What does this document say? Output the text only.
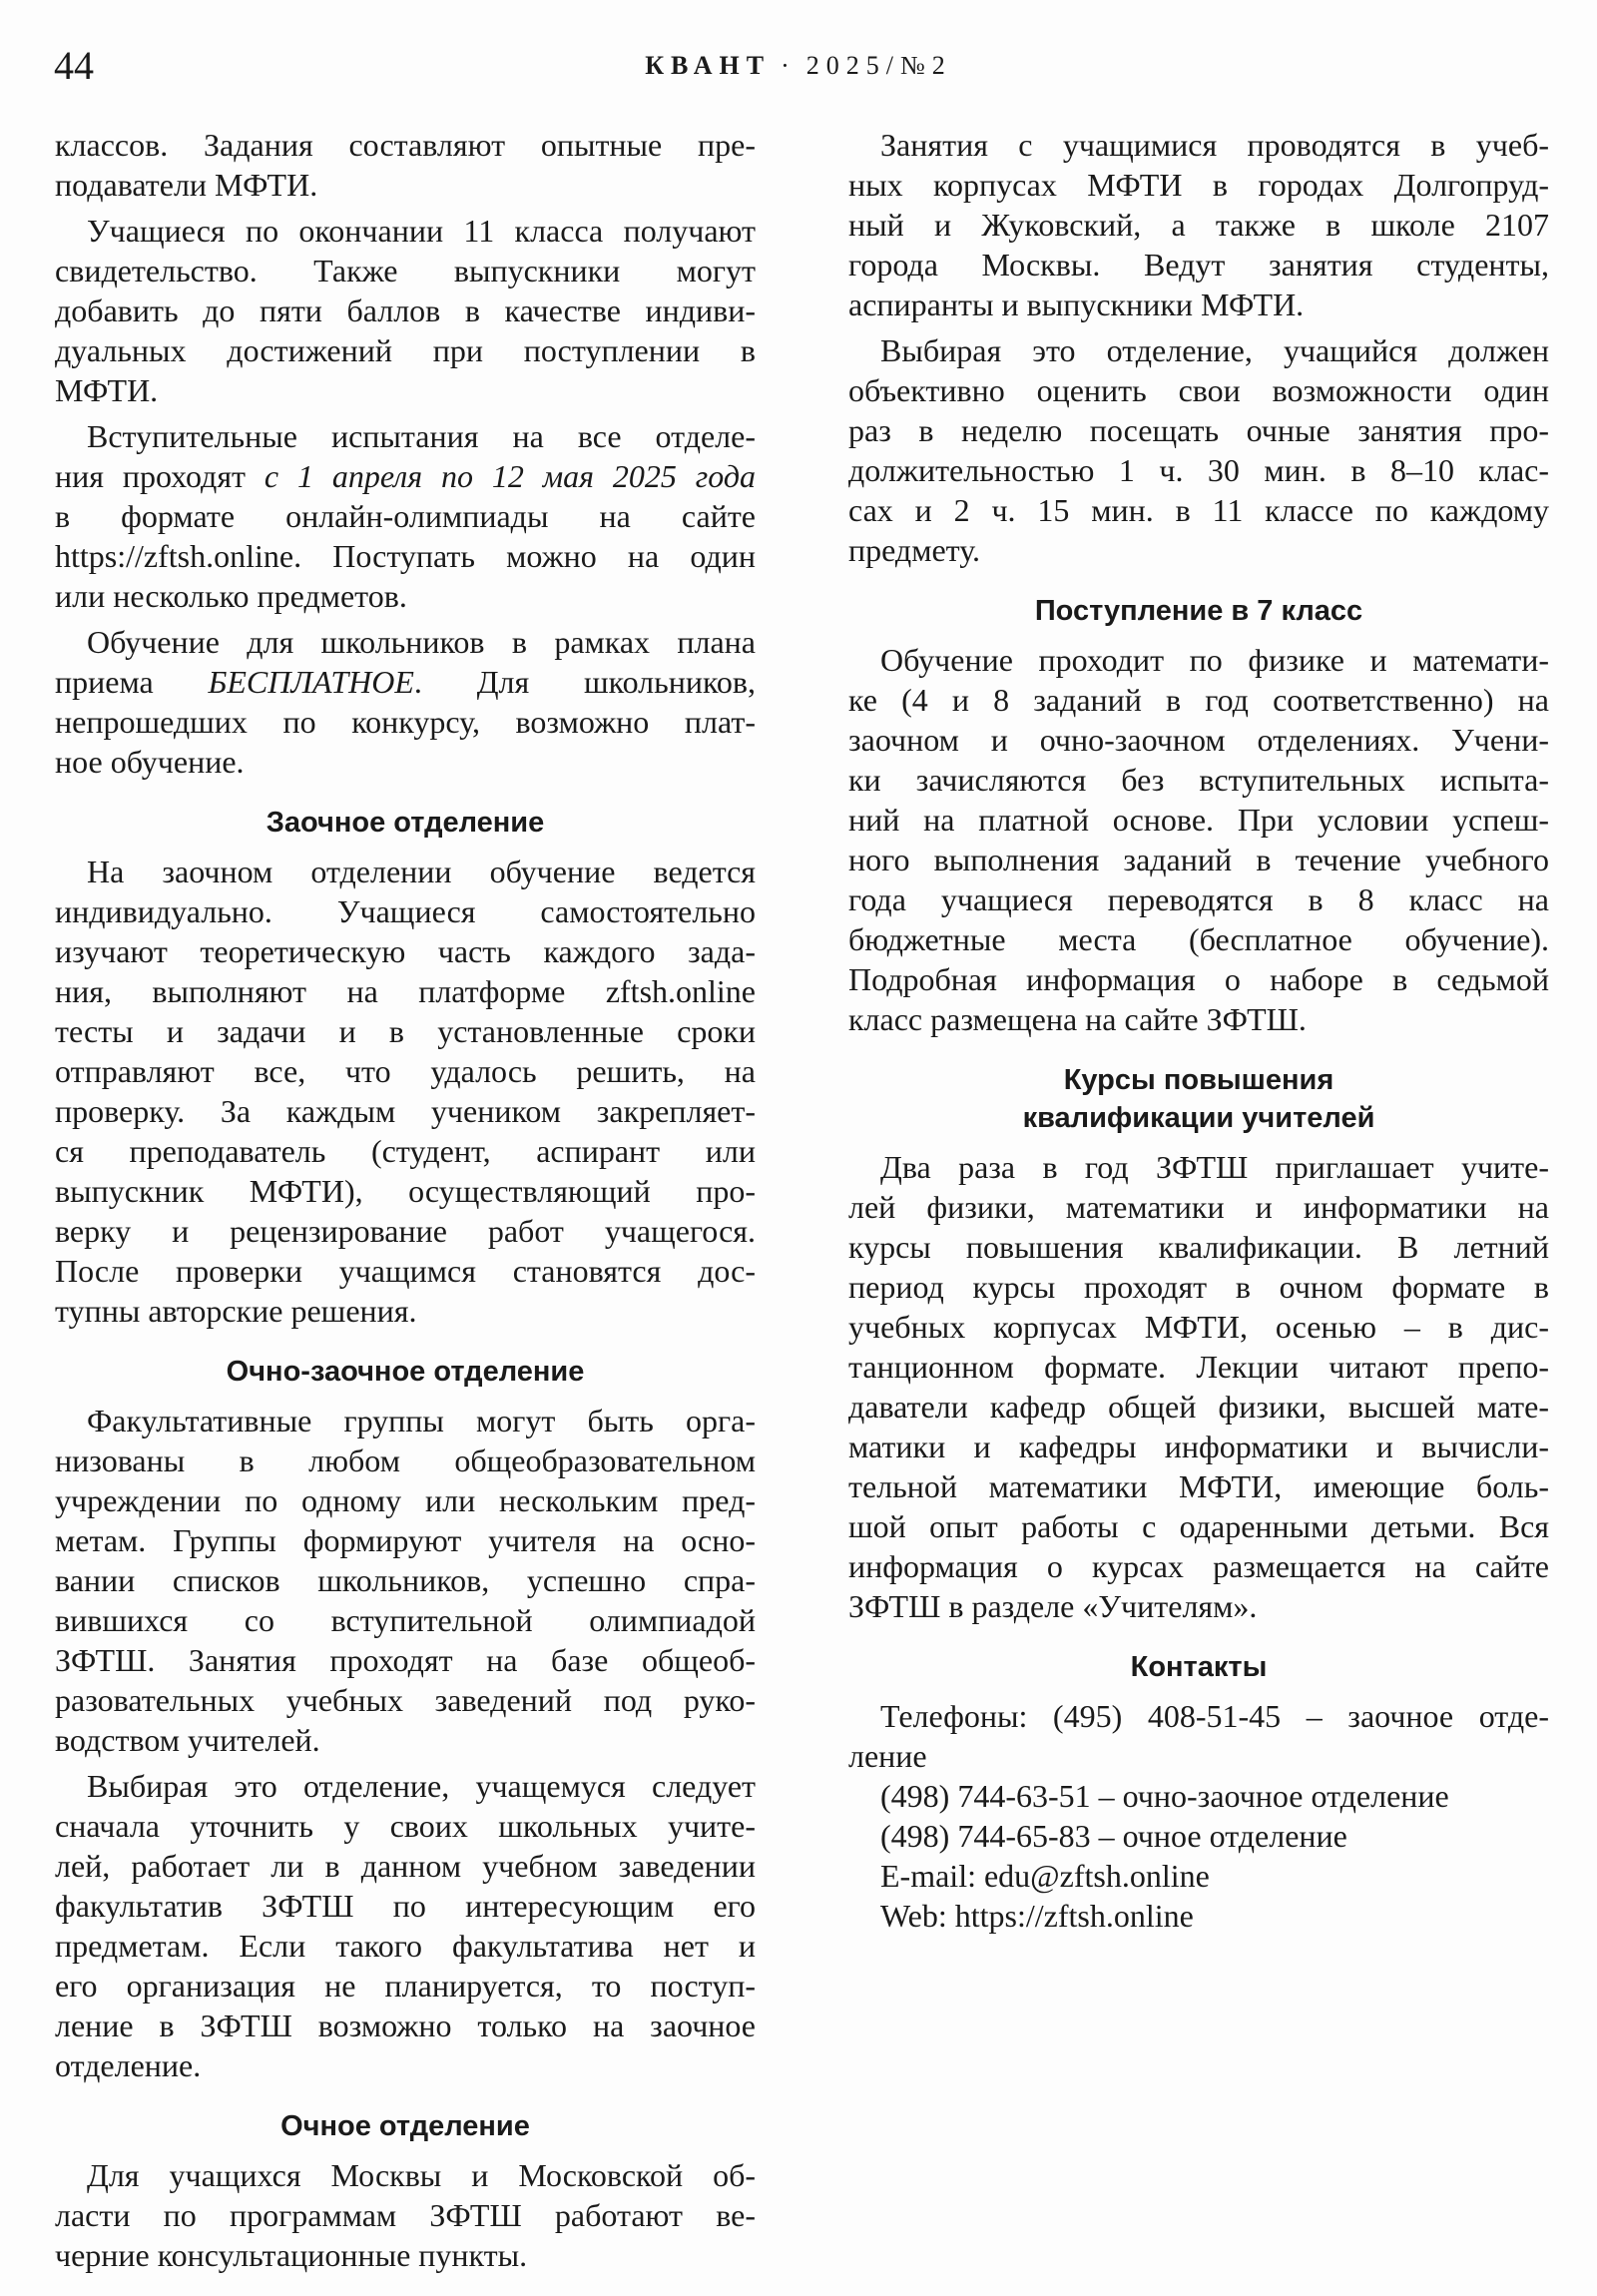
44	КВАНТ · 2025/№2
классов. Задания составляют опытные пре-
подаватели МФТИ.
Учащиеся по окончании 11 класса получают
свидетельство. Также выпускники могут
добавить до пяти баллов в качестве индиви-
дуальных достижений при поступлении в
МФТИ.
Вступительные испытания на все отделе-
ния проходят с 1 апреля по 12 мая 2025 года
в формате онлайн-олимпиады на сайте
https://zftsh.online. Поступать можно на один
или несколько предметов.
Обучение для школьников в рамках плана
приема БЕСПЛАТНОЕ. Для школьников,
непрошедших по конкурсу, возможно плат-
ное обучение.
Заочное отделение
На заочном отделении обучение ведется
индивидуально. Учащиеся самостоятельно
изучают теоретическую часть каждого зада-
ния, выполняют на платформе zftsh.online
тесты и задачи и в установленные сроки
отправляют все, что удалось решить, на
проверку. За каждым учеником закрепляет-
ся преподаватель (студент, аспирант или
выпускник МФТИ), осуществляющий про-
верку и рецензирование работ учащегося.
После проверки учащимся становятся дос-
тупны авторские решения.
Очно-заочное отделение
Факультативные группы могут быть орга-
низованы в любом общеобразовательном
учреждении по одному или нескольким пред-
метам. Группы формируют учителя на осно-
вании списков школьников, успешно спра-
вившихся со вступительной олимпиадой
ЗФТШ. Занятия проходят на базе общеоб-
разовательных учебных заведений под руко-
водством учителей.
Выбирая это отделение, учащемуся следует
сначала уточнить у своих школьных учите-
лей, работает ли в данном учебном заведении
факультатив ЗФТШ по интересующим его
предметам. Если такого факультатива нет и
его организация не планируется, то поступ-
ление в ЗФТШ возможно только на заочное
отделение.
Очное отделение
Для учащихся Москвы и Московской об-
ласти по программам ЗФТШ работают ве-
черние консультационные пункты.
Занятия с учащимися проводятся в учеб-
ных корпусах МФТИ в городах Долгопруд-
ный и Жуковский, а также в школе 2107
города Москвы. Ведут занятия студенты,
аспиранты и выпускники МФТИ.
Выбирая это отделение, учащийся должен
объективно оценить свои возможности один
раз в неделю посещать очные занятия про-
должительностью 1 ч. 30 мин. в 8–10 клас-
сах и 2 ч. 15 мин. в 11 классе по каждому
предмету.
Поступление в 7 класс
Обучение проходит по физике и математи-
ке (4 и 8 заданий в год соответственно) на
заочном и очно-заочном отделениях. Учени-
ки зачисляются без вступительных испыта-
ний на платной основе. При условии успеш-
ного выполнения заданий в течение учебного
года учащиеся переводятся в 8 класс на
бюджетные места (бесплатное обучение).
Подробная информация о наборе в седьмой
класс размещена на сайте ЗФТШ.
Курсы повышения
квалификации учителей
Два раза в год ЗФТШ приглашает учите-
лей физики, математики и информатики на
курсы повышения квалификации. В летний
период курсы проходят в очном формате в
учебных корпусах МФТИ, осенью – в дис-
танционном формате. Лекции читают препо-
даватели кафедр общей физики, высшей мате-
матики и кафедры информатики и вычисли-
тельной математики МФТИ, имеющие боль-
шой опыт работы с одаренными детьми. Вся
информация о курсах размещается на сайте
ЗФТШ в разделе «Учителям».
Контакты
Телефоны: (495) 408-51-45 – заочное отде-
ление
(498) 744-63-51 – очно-заочное отделение
(498) 744-65-83 – очное отделение
E-mail: edu@zftsh.online
Web: https://zftsh.online
